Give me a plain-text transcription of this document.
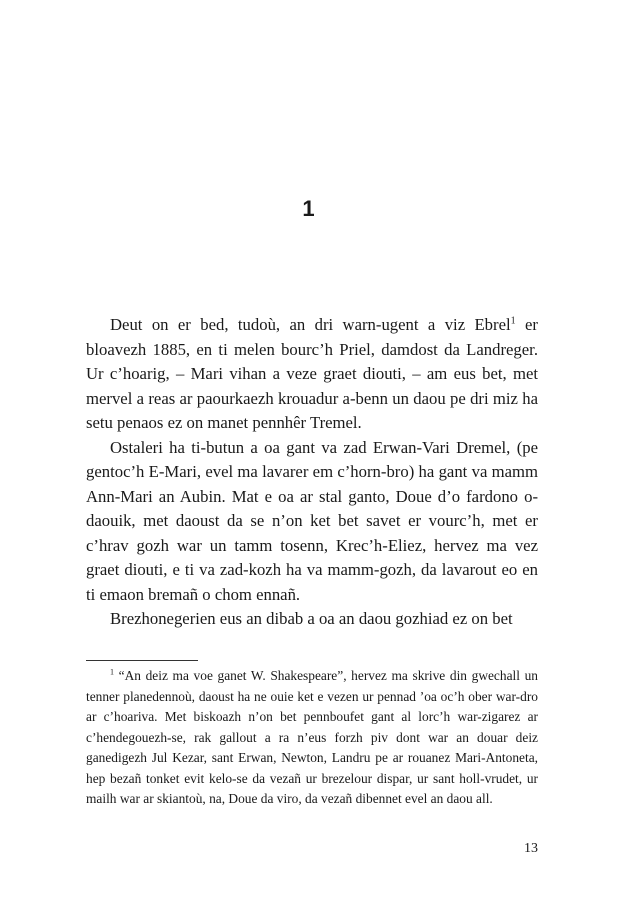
1

Deut on er bed, tudoù, an dri warn-ugent a viz Ebrel$^1$ er bloavezh 1885, en ti melen bourc’h Priel, damdost da Landreger. Ur c’hoarig, – Mari vihan a veze graet diouti, – am eus bet, met mervel a reas ar paourkaezh krouadur a-benn un daou pe dri miz ha setu penaos ez on manet pennhêr Tremel.

Ostaleri ha ti-butun a oa gant va zad Erwan-Vari Dremel, (pe gentoc’h E-Mari, evel ma lavarer em c’horn-bro) ha gant va mamm Ann-Mari an Aubin. Mat e oa ar stal ganto, Doue d’o fardono o-daouik, met daoust da se n’on ket bet savet er vourc’h, met er c’hrav gozh war un tamm tosenn, Krec’h-Eliez, hervez ma vez graet diouti, e ti va zad-kozh ha va mamm-gozh, da lavarout eo en ti emaon bremañ o chom ennañ.

Brezhonegerien eus an dibab a oa an daou gozhiad ez on bet

$^1$ “An deiz ma voe ganet W. Shakespeare”, hervez ma skrive din gwechall un tenner planedennoù, daoust ha ne ouie ket e vezen ur pennad ’oa oc’h ober war-dro ar c’hoariva. Met biskoazh n’on bet pennboufet gant al lorc’h war-zigarez ar c’hendegouezh-se, rak gallout a ra n’eus forzh piv dont war an douar deiz ganedigezh Jul Kezar, sant Erwan, Newton, Landru pe ar rouanez Mari-Antoneta, hep bezañ tonket evit kelo-se da vezañ ur brezelour dispar, ur sant holl-vrudet, ur mailh war ar skiantoù, na, Doue da viro, da vezañ dibennet evel an daou all.

13
